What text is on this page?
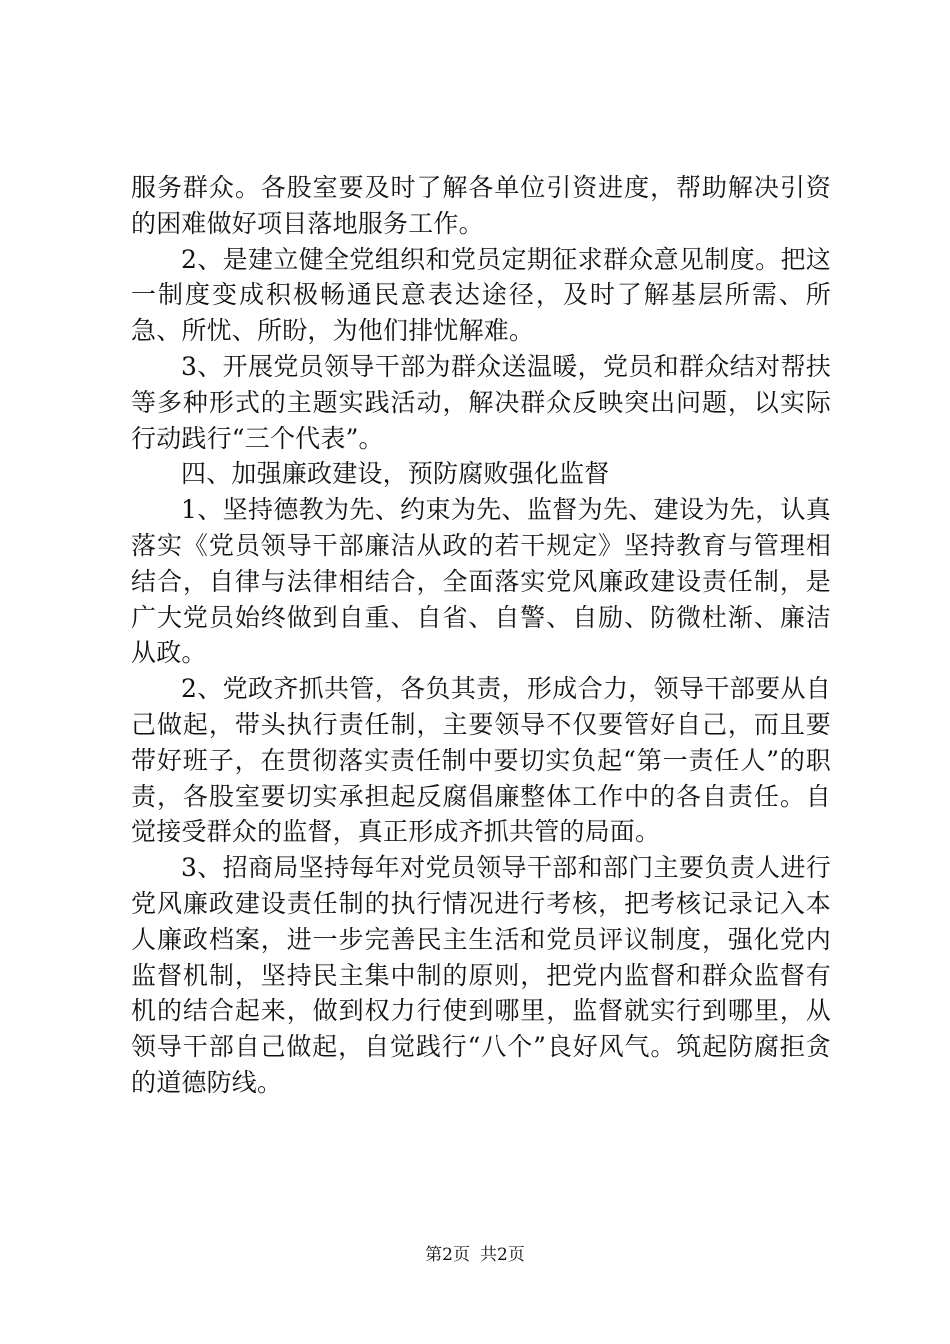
服务群众。各股室要及时了解各单位引资进度，帮助解决引资的困难做好项目落地服务工作。

2、是建立健全党组织和党员定期征求群众意见制度。把这一制度变成积极畅通民意表达途径，及时了解基层所需、所急、所忧、所盼，为他们排忧解难。

3、开展党员领导干部为群众送温暖，党员和群众结对帮扶等多种形式的主题实践活动，解决群众反映突出问题，以实际行动践行“三个代表”。

四、加强廉政建设，预防腐败强化监督

1、坚持德教为先、约束为先、监督为先、建设为先，认真落实《党员领导干部廉洁从政的若干规定》坚持教育与管理相结合，自律与法律相结合，全面落实党风廉政建设责任制，是广大党员始终做到自重、自省、自警、自励、防微杜渐、廉洁从政。

2、党政齐抓共管，各负其责，形成合力，领导干部要从自己做起，带头执行责任制，主要领导不仅要管好自己，而且要带好班子，在贯彻落实责任制中要切实负起“第一责任人”的职责，各股室要切实承担起反腐倡廉整体工作中的各自责任。自觉接受群众的监督，真正形成齐抓共管的局面。

3、招商局坚持每年对党员领导干部和部门主要负责人进行党风廉政建设责任制的执行情况进行考核，把考核记录记入本人廉政档案，进一步完善民主生活和党员评议制度，强化党内监督机制，坚持民主集中制的原则，把党内监督和群众监督有机的结合起来，做到权力行使到哪里，监督就实行到哪里，从领导干部自己做起，自觉践行“八个”良好风气。筑起防腐拒贪的道德防线。

第2页 共2页
